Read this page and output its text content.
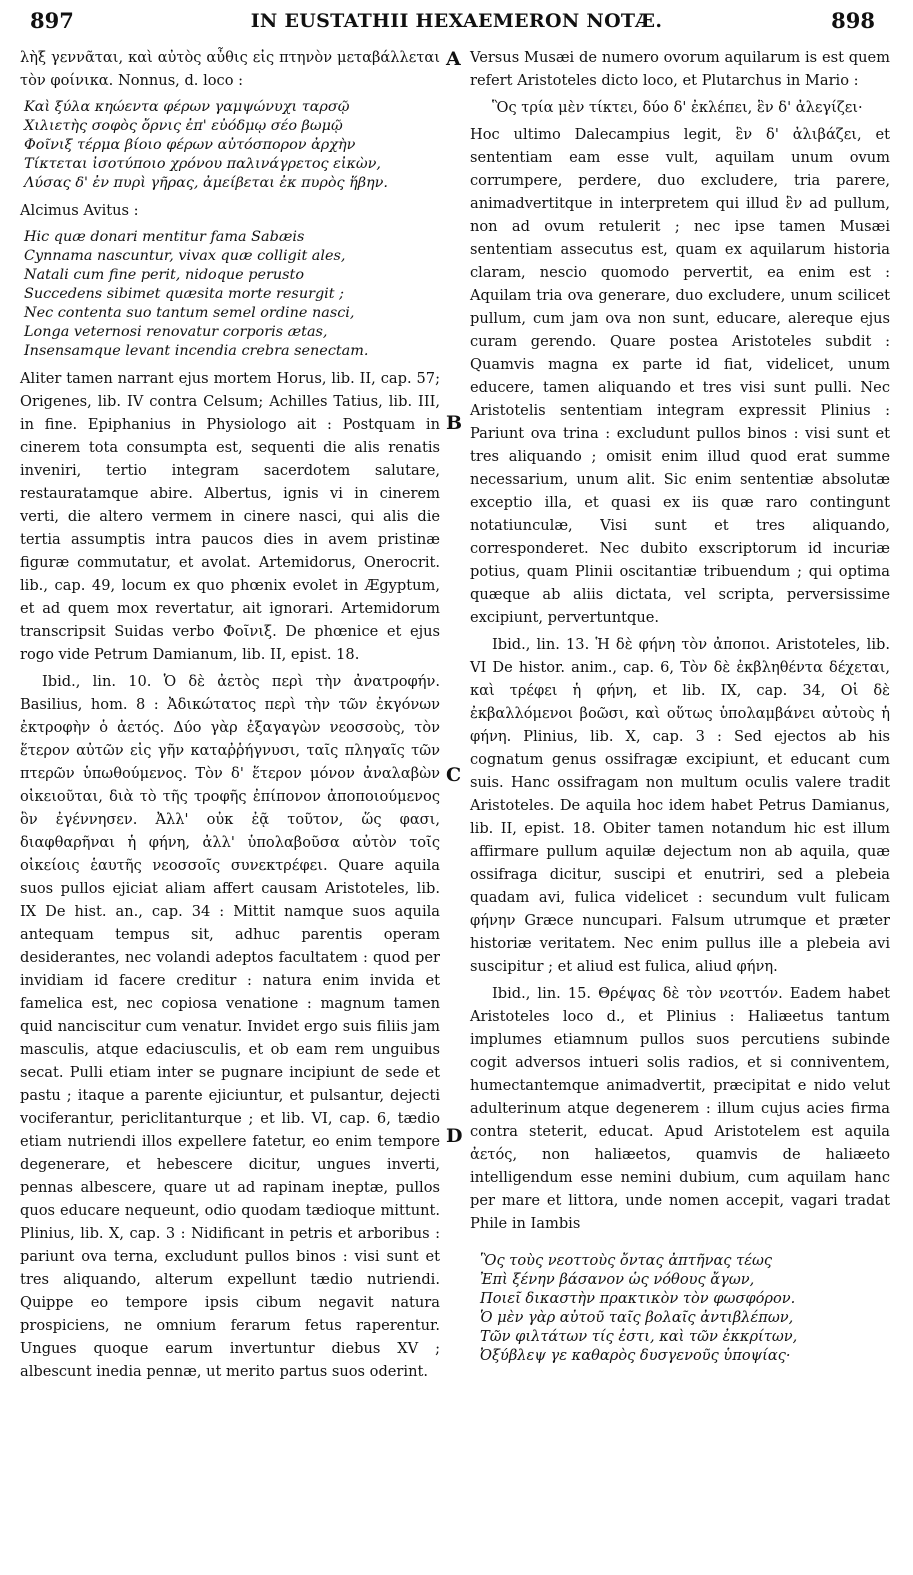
897	IN EUSTATHII HEXAEMERON NOTÆ.	898
A
B
C
D

λὴξ γεννᾶται, καὶ αὐτὸς αὖθις εἰς πτηνὸν μεταβάλλεται τὸν φοίνικα. Nonnus, d. loco :

Καὶ ξύλα κηώεντα φέρων γαμψώνυχι ταρσῷ
Χιλιετὴς σοφὸς ὄρνις ἐπ' εὐόδμῳ σέο βωμῷ
Φοῖνιξ τέρμα βίοιο φέρων αὐτόσπορον ἀρχὴν
Τίκτεται ἰσοτύποιο χρόνου παλινάγρετος εἰκὼν,
Λύσας δ' ἐν πυρὶ γῆρας, ἀμείβεται ἐκ πυρὸς ἥβην.

Alcimus Avitus :

Hic quæ donari mentitur fama Sabæis
Cynnama nascuntur, vivax quæ colligit ales,
Natali cum fine perit, nidoque perusto
Succedens sibimet quæsita morte resurgit ;
Nec contenta suo tantum semel ordine nasci,
Longa veternosi renovatur corporis ætas,
Insensamque levant incendia crebra senectam.

Aliter tamen narrant ejus mortem Horus, lib. II, cap. 57; Origenes, lib. IV contra Celsum; Achilles Tatius, lib. III, in fine. Epiphanius in Physiologo ait : Postquam in cinerem tota consumpta est, sequenti die alis renatis inveniri, tertio integram sacerdotem salutare, restauratamque abire. Albertus, ignis vi in cinerem verti, die altero vermem in cinere nasci, qui alis die tertia assumptis intra paucos dies in avem pristinæ figuræ commutatur, et avolat. Artemidorus, Onerocrit. lib., cap. 49, locum ex quo phœnix evolet in Ægyptum, et ad quem mox revertatur, ait ignorari. Artemidorum transcripsit Suidas verbo Φοῖνιξ. De phœnice et ejus rogo vide Petrum Damianum, lib. II, epist. 18.

Ibid., lin. 10. Ὁ δὲ ἀετὸς περὶ τὴν ἀνατροφήν. Basilius, hom. 8 : Ἀδικώτατος περὶ τὴν τῶν ἐκγόνων ἐκτροφὴν ὁ ἀετός. Δύο γὰρ ἐξαγαγὼν νεοσσοὺς, τὸν ἕτερον αὐτῶν εἰς γῆν καταῤῥήγνυσι, ταῖς πληγαῖς τῶν πτερῶν ὑπωθούμενος. Τὸν δ' ἕτερον μόνον ἀναλαβὼν οἰκειοῦται, διὰ τὸ τῆς τροφῆς ἐπίπονον ἀποποιούμενος ὃν ἐγέννησεν. Ἀλλ' οὐκ ἐᾷ τοῦτον, ὥς φασι, διαφθαρῆναι ἡ φήνη, ἀλλ' ὑπολαβοῦσα αὐτὸν τοῖς οἰκείοις ἑαυτῆς νεοσσοῖς συνεκτρέφει. Quare aquila suos pullos ejiciat aliam affert causam Aristoteles, lib. IX De hist. an., cap. 34 : Mittit namque suos aquila antequam tempus sit, adhuc parentis operam desiderantes, nec volandi adeptos facultatem : quod per invidiam id facere creditur : natura enim invida et famelica est, nec copiosa venatione : magnum tamen quid nanciscitur cum venatur. Invidet ergo suis filiis jam masculis, atque edaciusculis, et ob eam rem unguibus secat. Pulli etiam inter se pugnare incipiunt de sede et pastu ; itaque a parente ejiciuntur, et pulsantur, dejecti vociferantur, periclitanturque ; et lib. VI, cap. 6, tædio etiam nutriendi illos expellere fatetur, eo enim tempore degenerare, et hebescere dicitur, ungues inverti, pennas albescere, quare ut ad rapinam ineptæ, pullos quos educare nequeunt, odio quodam tædioque mittunt. Plinius, lib. X, cap. 3 : Nidificant in petris et arboribus : pariunt ova terna, excludunt pullos binos : visi sunt et tres aliquando, alterum expellunt tædio nutriendi. Quippe eo tempore ipsis cibum negavit natura prospiciens, ne omnium ferarum fetus raperentur. Ungues quoque earum invertuntur diebus XV ; albescunt inedia pennæ, ut merito partus suos oderint.

Versus Musæi de numero ovorum aquilarum is est quem refert Aristoteles dicto loco, et Plutarchus in Mario :

Ὃς τρία μὲν τίκτει, δύο δ' ἐκλέπει, ἓν δ' ἀλεγίζει·

Hoc ultimo Dalecampius legit, ἓν δ' ἀλιβάζει, et sententiam eam esse vult, aquilam unum ovum corrumpere, perdere, duo excludere, tria parere, animadvertitque in interpretem qui illud ἓν ad pullum, non ad ovum retulerit ; nec ipse tamen Musæi sententiam assecutus est, quam ex aquilarum historia claram, nescio quomodo pervertit, ea enim est : Aquilam tria ova generare, duo excludere, unum scilicet pullum, cum jam ova non sunt, educare, alereque ejus curam gerendo. Quare postea Aristoteles subdit : Quamvis magna ex parte id fiat, videlicet, unum educere, tamen aliquando et tres visi sunt pulli. Nec Aristotelis sententiam integram expressit Plinius : Pariunt ova trina : excludunt pullos binos : visi sunt et tres aliquando ; omisit enim illud quod erat summe necessarium, unum alit. Sic enim sententiæ absolutæ exceptio illa, et quasi ex iis quæ raro contingunt notatiunculæ, Visi sunt et tres aliquando, corresponderet. Nec dubito exscriptorum id incuriæ potius, quam Plinii oscitantiæ tribuendum ; qui optima quæque ab aliis dictata, vel scripta, perversissime excipiunt, pervertuntque.

Ibid., lin. 13. Ἡ δὲ φήνη τὸν ἀποποι. Aristoteles, lib. VI De histor. anim., cap. 6, Τὸν δὲ ἐκβληθέντα δέχεται, καὶ τρέφει ἡ φήνη, et lib. IX, cap. 34, Οἱ δὲ ἐκβαλλόμενοι βοῶσι, καὶ οὕτως ὑπολαμβάνει αὐτοὺς ἡ φήνη. Plinius, lib. X, cap. 3 : Sed ejectos ab his cognatum genus ossifragæ excipiunt, et educant cum suis. Hanc ossifragam non multum oculis valere tradit Aristoteles. De aquila hoc idem habet Petrus Damianus, lib. II, epist. 18. Obiter tamen notandum hic est illum affirmare pullum aquilæ dejectum non ab aquila, quæ ossifraga dicitur, suscipi et enutriri, sed a plebeia quadam avi, fulica videlicet : secundum vult fulicam φήνην Græce nuncupari. Falsum utrumque et præter historiæ veritatem. Nec enim pullus ille a plebeia avi suscipitur ; et aliud est fulica, aliud φήνη.

Ibid., lin. 15. Θρέψας δὲ τὸν νεοττόν. Eadem habet Aristoteles loco d., et Plinius : Haliæetus tantum implumes etiamnum pullos suos percutiens subinde cogit adversos intueri solis radios, et si conniventem, humectantemque animadvertit, præcipitat e nido velut adulterinum atque degenerem : illum cujus acies firma contra steterit, educat. Apud Aristotelem est aquila ἀετός, non haliæetos, quamvis de haliæeto intelligendum esse nemini dubium, cum aquilam hanc per mare et littora, unde nomen accepit, vagari tradat Phile in Iambis

Ὃς τοὺς νεοττοὺς ὄντας ἀπτῆνας τέως
Ἐπὶ ξένην βάσανον ὡς νόθους ἄγων,
Ποιεῖ δικαστὴν πρακτικὸν τὸν φωσφόρον.
Ὁ μὲν γὰρ αὐτοῦ ταῖς βολαῖς ἀντιβλέπων,
Τῶν φιλτάτων τίς ἐστι, καὶ τῶν ἐκκρίτων,
Ὀξύβλεψ γε καθαρὸς δυσγενοῦς ὑποψίας·
